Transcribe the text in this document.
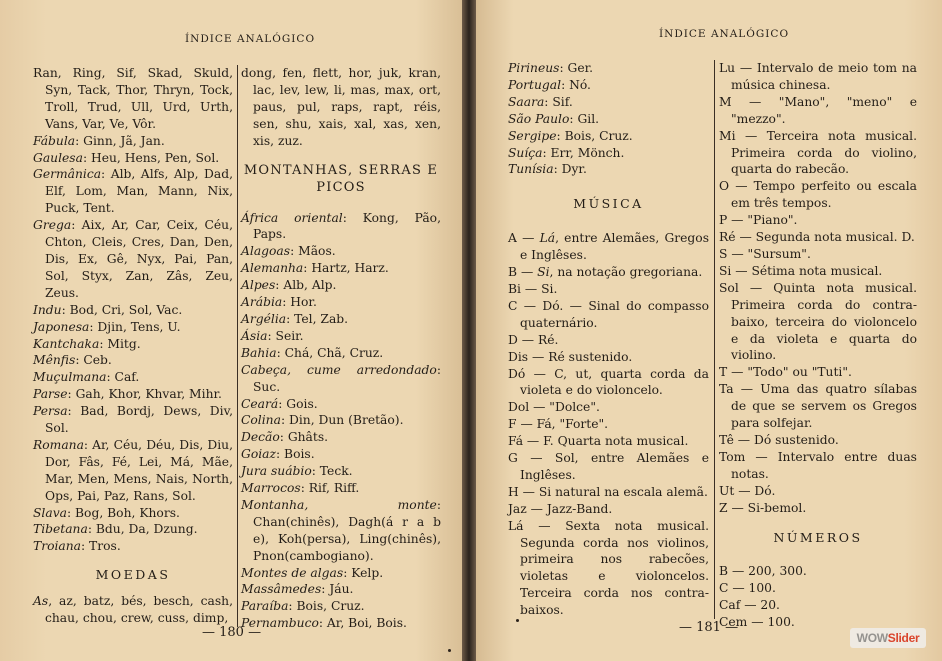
ÍNDICE ANALÓGICO

Ran, Ring, Sif, Skad, Skuld, Syn, Tack, Thor, Thryn, Tock, Troll, Trud, Ull, Urd, Urth, Vans, Var, Ve, Vôr.

Fábula: Ginn, Jã, Jan.

Gaulesa: Heu, Hens, Pen, Sol.

Germânica: Alb, Alfs, Alp, Dad, Elf, Lom, Man, Mann, Nix, Puck, Tent.

Grega: Aix, Ar, Car, Ceix, Céu, Chton, Cleis, Cres, Dan, Den, Dis, Ex, Gê, Nyx, Pai, Pan, Sol, Styx, Zan, Zâs, Zeu, Zeus.

Indu: Bod, Cri, Sol, Vac.

Japonesa: Djin, Tens, U.

Kantchaka: Mitg.

Mênfis: Ceb.

Muçulmana: Caf.

Parse: Gah, Khor, Khvar, Mihr.

Persa: Bad, Bordj, Dews, Div, Sol.

Romana: Ar, Céu, Déu, Dis, Diu, Dor, Fâs, Fé, Lei, Má, Mãe, Mar, Men, Mens, Nais, North, Ops, Pai, Paz, Rans, Sol.

Slava: Bog, Boh, Khors.

Tibetana: Bdu, Da, Dzung.

Troiana: Tros.

MOEDAS

As, az, batz, bés, besch, cash, chau, chou, crew, cuss, dimp,

dong, fen, flett, hor, juk, kran, lac, lev, lew, li, mas, max, ort, paus, pul, raps, rapt, réis, sen, shu, xais, xal, xas, xen, xis, zuz.

MONTANHAS, SERRAS E PICOS

África oriental: Kong, Pão, Paps.

Alagoas: Mãos.

Alemanha: Hartz, Harz.

Alpes: Alb, Alp.

Arábia: Hor.

Argélia: Tel, Zab.

Ásia: Seir.

Bahia: Chá, Chã, Cruz.

Cabeça, cume arredondado: Suc.

Ceará: Gois.

Colina: Din, Dun (Bretão).

Decão: Ghâts.

Goiaz: Bois.

Jura suábio: Teck.

Marrocos: Rif, Riff.

Montanha, monte: Chan(chinês), Dagh(á r a b e), Koh(persa), Ling(chinês), Pnon(cambogiano).

Montes de algas: Kelp.

Massâmedes: Jáu.

Paraíba: Bois, Cruz.

Pernambuco: Ar, Boi, Bois.

— 180 —
ÍNDICE ANALÓGICO

Pirineus: Ger.

Portugal: Nó.

Saara: Sif.

São Paulo: Gil.

Sergipe: Bois, Cruz.

Suíça: Err, Mönch.

Tunísia: Dyr.

MÚSICA

A — Lá, entre Alemães, Gregos e Inglêses.

B — Si, na notação gregoriana.

Bi — Si.

C — Dó. — Sinal do compasso quaternário.

D — Ré.

Dis — Ré sustenido.

Dó — C, ut, quarta corda da violeta e do violoncelo.

Dol — "Dolce".

F — Fá, "Forte".

Fá — F. Quarta nota musical.

G — Sol, entre Alemães e Inglêses.

H — Si natural na escala alemã.

Jaz — Jazz-Band.

Lá — Sexta nota musical. Segunda corda nos violinos, primeira nos rabecões, violetas e violoncelos. Terceira corda nos contra-baixos.

Lu — Intervalo de meio tom na música chinesa.

M — "Mano", "meno" e "mezzo".

Mi — Terceira nota musical. Primeira corda do violino, quarta do rabecão.

O — Tempo perfeito ou escala em três tempos.

P — "Piano".

Ré — Segunda nota musical. D.

S — "Sursum".

Si — Sétima nota musical.

Sol — Quinta nota musical. Primeira corda do contra-baixo, terceira do violoncelo e da violeta e quarta do violino.

T — "Todo" ou "Tuti".

Ta — Uma das quatro sílabas de que se servem os Gregos para solfejar.

Tê — Dó sustenido.

Tom — Intervalo entre duas notas.

Ut — Dó.

Z — Si-bemol.

NÚMEROS

B — 200, 300.

C — 100.

Caf — 20.

Cem — 100.

— 181 —
WOW Slider
